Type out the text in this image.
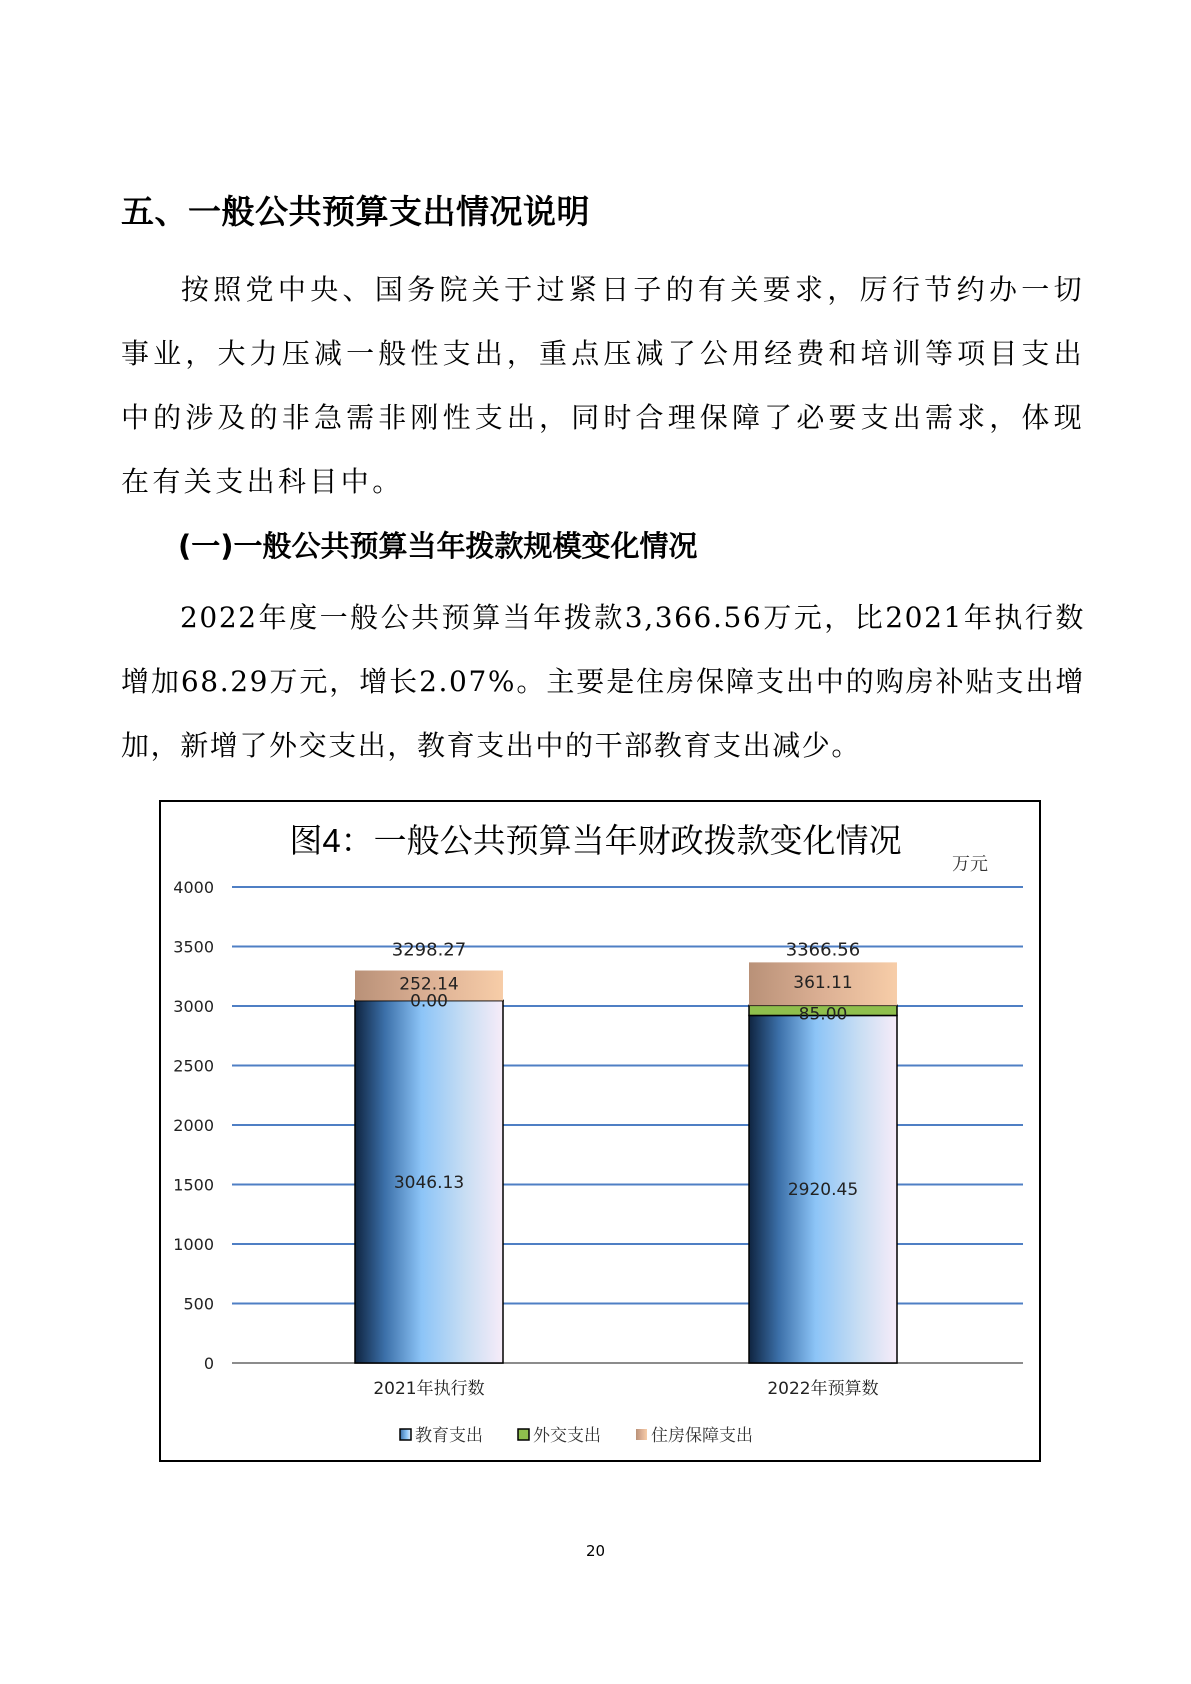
五、一般公共预算支出情况说明
按照党中央、国务院关于过紧日子的有关要求，厉行节约办一切事业，大力压减一般性支出，重点压减了公用经费和培训等项目支出中的涉及的非急需非刚性支出，同时合理保障了必要支出需求，体现在有关支出科目中。
(一)一般公共预算当年拨款规模变化情况
2022年度一般公共预算当年拨款3,366.56万元，比2021年执行数增加68.29万元，增长2.07%。主要是住房保障支出中的购房补贴支出增加，新增了外交支出，教育支出中的干部教育支出减少。
图4：一般公共预算当年财政拨款变化情况
0
500
1000
1500
2000
2500
3000
3500
4000
3046.13
0.00
252.14
3298.27
2920.45
85.00
361.11
3366.56
2021年执行数	2022年预算数
教育支出	外交支出	住房保障支出
万元
20
